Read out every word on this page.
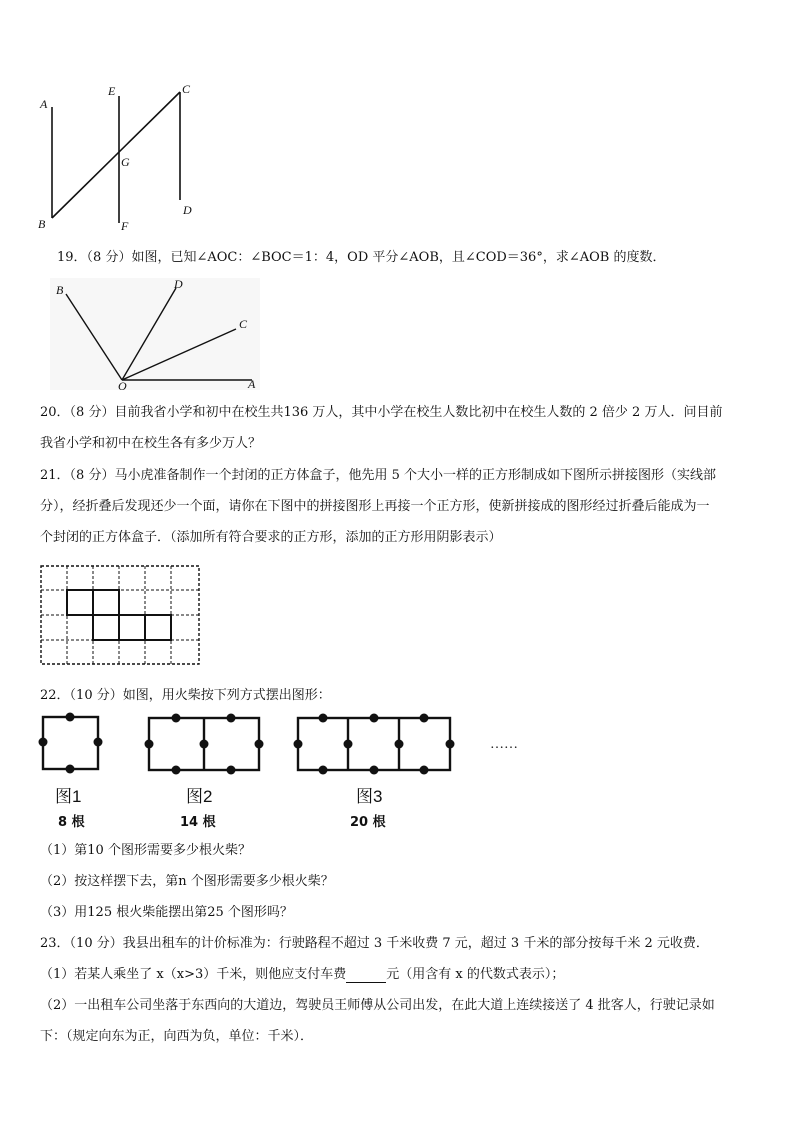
A
B
E
F
G
C
D
19．（8 分）如图，已知∠AOC：∠BOC＝1：4，OD 平分∠AOB，且∠COD＝36°，求∠AOB 的度数．
B	D
C
O	A
20．（8 分）目前我省小学和初中在校生共136 万人，其中小学在校生人数比初中在校生人数的 2 倍少 2 万人．问目前
我省小学和初中在校生各有多少万人？
21．（8 分）马小虎准备制作一个封闭的正方体盒子，他先用 5 个大小一样的正方形制成如下图所示拼接图形（实线部
分），经折叠后发现还少一个面，请你在下图中的拼接图形上再接一个正方形，使新拼接成的图形经过折叠后能成为一
个封闭的正方体盒子．（添加所有符合要求的正方形，添加的正方形用阴影表示）
22．（10 分）如图，用火柴按下列方式摆出图形：
……
图1	图2	图3
8 根	14 根	20 根
（1）第10 个图形需要多少根火柴？
（2）按这样摆下去，第n 个图形需要多少根火柴？
（3）用125 根火柴能摆出第25 个图形吗？
23．（10 分）我县出租车的计价标准为：行驶路程不超过 3 千米收费 7 元，超过 3 千米的部分按每千米 2 元收费．
（1）若某人乘坐了 x（x>3）千米，则他应支付车费	元（用含有 x 的代数式表示）；
（2）一出租车公司坐落于东西向的大道边，驾驶员王师傅从公司出发，在此大道上连续接送了 4 批客人，行驶记录如
下：（规定向东为正，向西为负，单位：千米）．
